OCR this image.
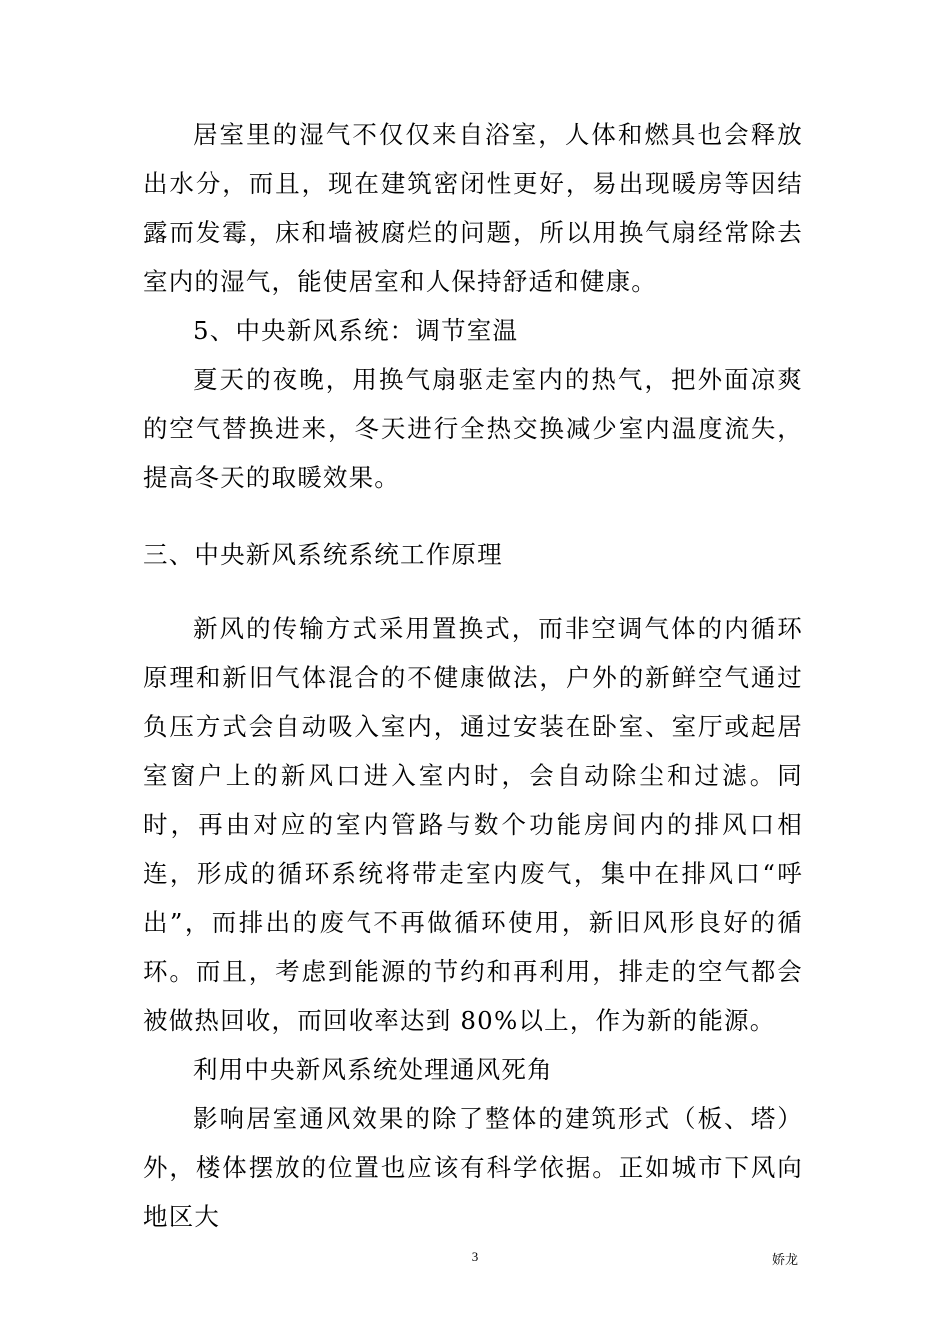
居室里的湿气不仅仅来自浴室，人体和燃具也会释放出水分，而且，现在建筑密闭性更好，易出现暖房等因结露而发霉，床和墙被腐烂的问题，所以用换气扇经常除去室内的湿气，能使居室和人保持舒适和健康。

5、中央新风系统：调节室温

夏天的夜晚，用换气扇驱走室内的热气，把外面凉爽的空气替换进来，冬天进行全热交换减少室内温度流失，提高冬天的取暖效果。

三、中央新风系统系统工作原理

新风的传输方式采用置换式，而非空调气体的内循环原理和新旧气体混合的不健康做法，户外的新鲜空气通过负压方式会自动吸入室内，通过安装在卧室、室厅或起居室窗户上的新风口进入室内时，会自动除尘和过滤。同时，再由对应的室内管路与数个功能房间内的排风口相连，形成的循环系统将带走室内废气，集中在排风口“呼出”，而排出的废气不再做循环使用，新旧风形良好的循环。而且，考虑到能源的节约和再利用，排走的空气都会被做热回收，而回收率达到 80%以上，作为新的能源。

利用中央新风系统处理通风死角

影响居室通风效果的除了整体的建筑形式（板、塔）外，楼体摆放的位置也应该有科学依据。正如城市下风向地区大

3	娇龙
